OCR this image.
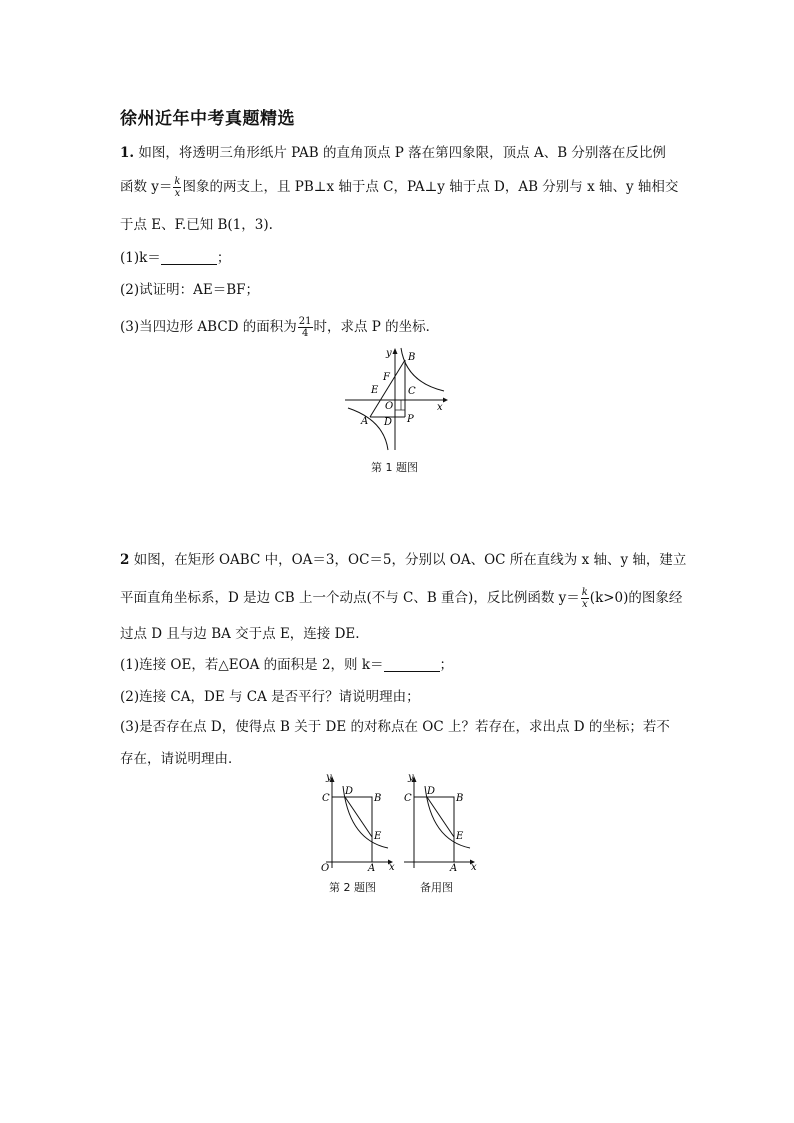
徐州近年中考真题精选
1. 如图，将透明三角形纸片 PAB 的直角顶点 P 落在第四象限，顶点 A、B 分别落在反比例
函数 $y= \frac{k}{x}$ 图象的两支上，且 PB⊥x 轴于点 C，PA⊥y 轴于点 D，AB 分别与 x 轴、y 轴相交
于点 E、F.已知 B(1，3).
(1)k＝	；
(2)试证明：AE＝BF；
(3)当四边形 ABCD 的面积为 $\frac{21}{4}$ 时，求点 P 的坐标．
y
x
B
E
F
C
O
A D P
第 1 题图
2 如图，在矩形 OABC 中，OA＝3，OC＝5，分别以 OA、OC 所在直线为 x 轴、y 轴，建立
平面直角坐标系，D 是边 CB 上一个动点(不与 C、B 重合)，反比例函数 $y= \frac{k}{x} (k>0)$的图象经
过点 D 且与边 BA 交于点 E，连接 DE.
(1)连接 OE，若△EOA 的面积是 2，则 k＝	；
(2)连接 CA，DE 与 CA 是否平行？请说明理由；
(3)是否存在点 D，使得点 B 关于 DE 的对称点在 OC 上？若存在，求出点 D 的坐标；若不
存在，请说明理由．
y
x
C
D
B
E
O	A
y
x
C
D
B
E
A
第 2 题图	备用图
